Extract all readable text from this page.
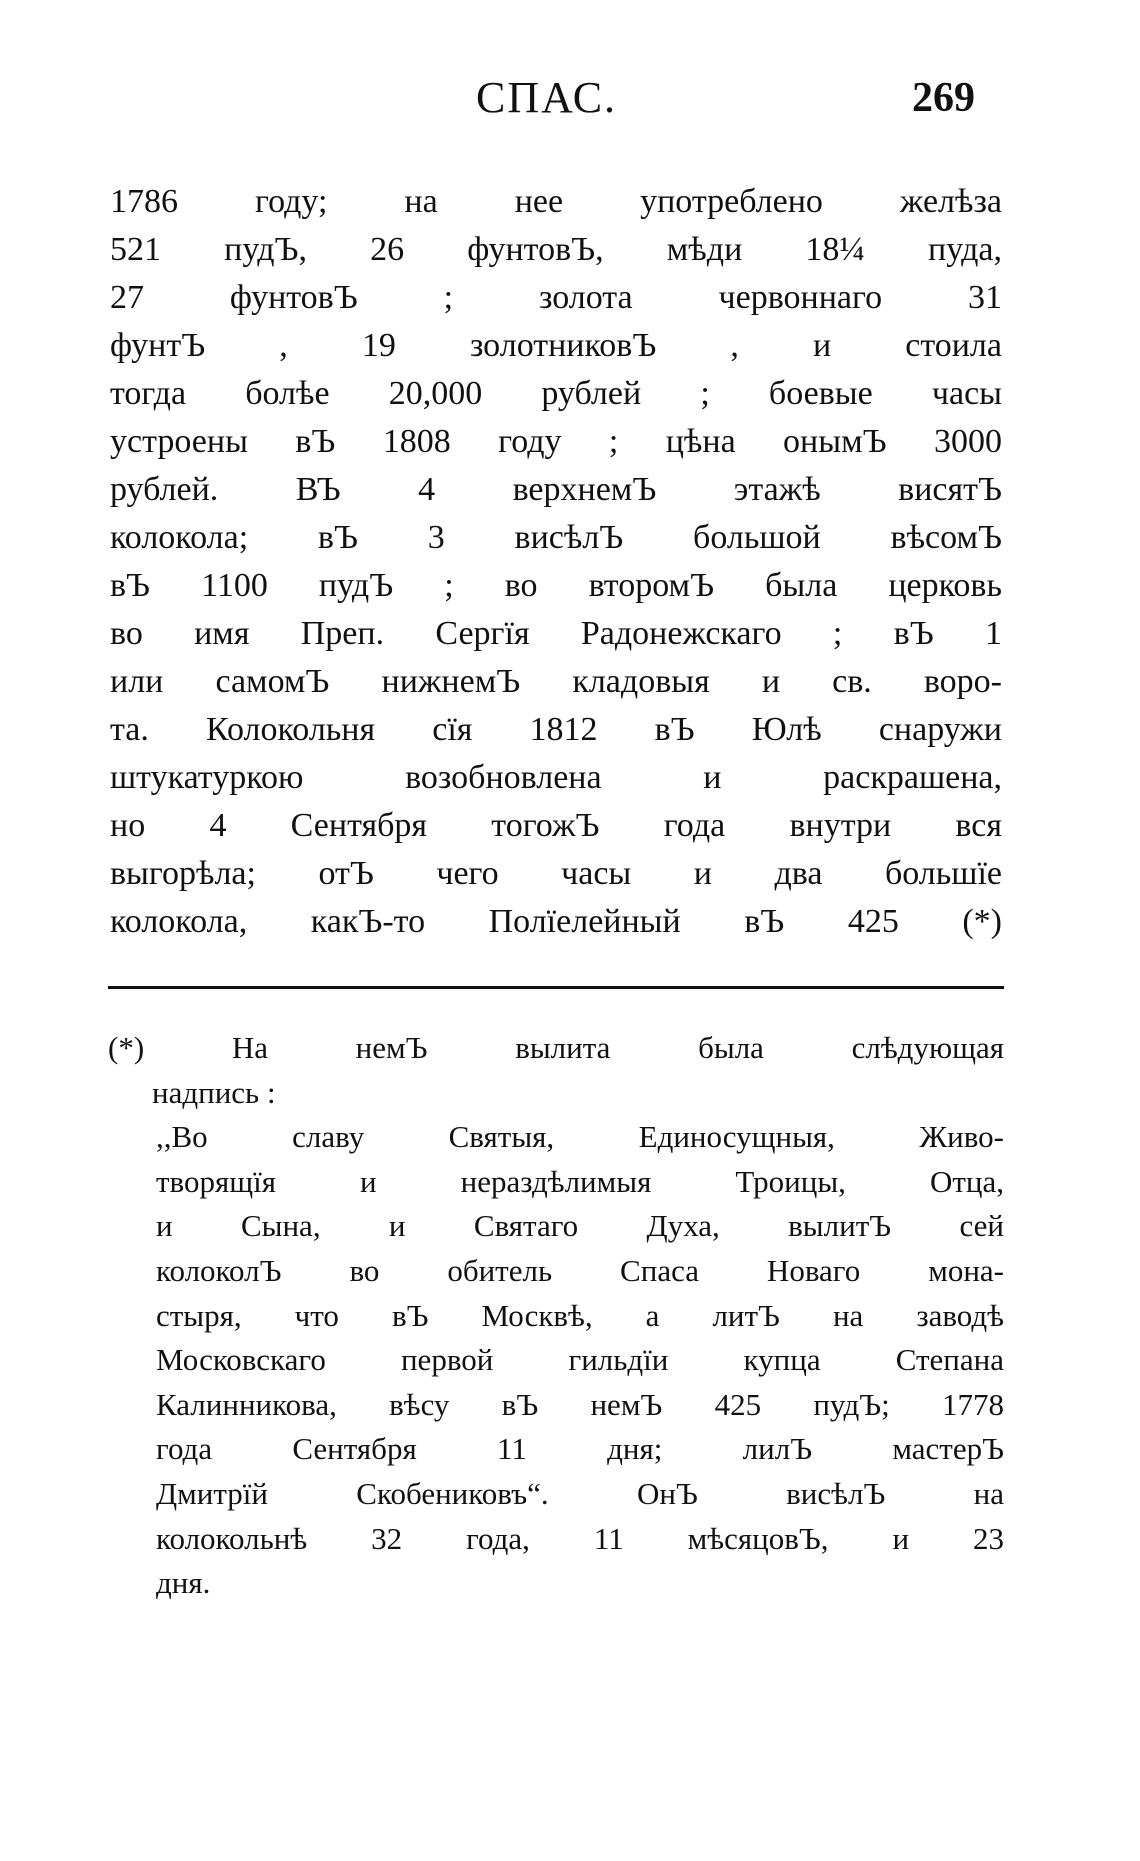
СПАС.	269
1786 году; на нее употреблено желѣза
521 пудЪ, 26 фунтовЪ, мѣди 18¼ пуда,
27 фунтовЪ ; золота червоннаго 31
фунтЪ , 19 золотниковЪ , и стоила
тогда болѣе 20,000 рублей ; боевые часы
устроены вЪ 1808 году ; цѣна онымЪ 3000
рублей. ВЪ 4 верхнемЪ этажѣ висятЪ
колокола; вЪ 3 висѣлЪ большой вѣсомЪ
вЪ 1100 пудЪ ; во второмЪ была церковь
во имя Преп. Сергїя Радонежскаго ; вЪ 1
или самомЪ нижнемЪ кладовыя и св. воро-
та. Колокольня сїя 1812 вЪ Юлѣ снаружи
штукатуркою возобновлена и раскрашена,
но 4 Сентября тогожЪ года внутри вся
выгорѣла; отЪ чего часы и два большїе
колокола, какЪ-то Полїелейный вЪ 425 (*)
(*) На немЪ вылита была слѣдующая
надпись :
,,Во славу Святыя, Единосущныя, Живо-
творящїя и нераздѣлимыя Троицы, Отца,
и Сына, и Святаго Духа, вылитЪ сей
колоколЪ во обитель Спаса Новаго мона-
стыря, что вЪ Москвѣ, а литЪ на заводѣ
Московскаго первой гильдїи купца Степана
Калинникова, вѣсу вЪ немЪ 425 пудЪ; 1778
года Сентября 11 дня; лилЪ мастерЪ
Дмитрїй Скобениковъ“. ОнЪ висѣлЪ на
колокольнѣ 32 года, 11 мѣсяцовЪ, и 23
дня.
